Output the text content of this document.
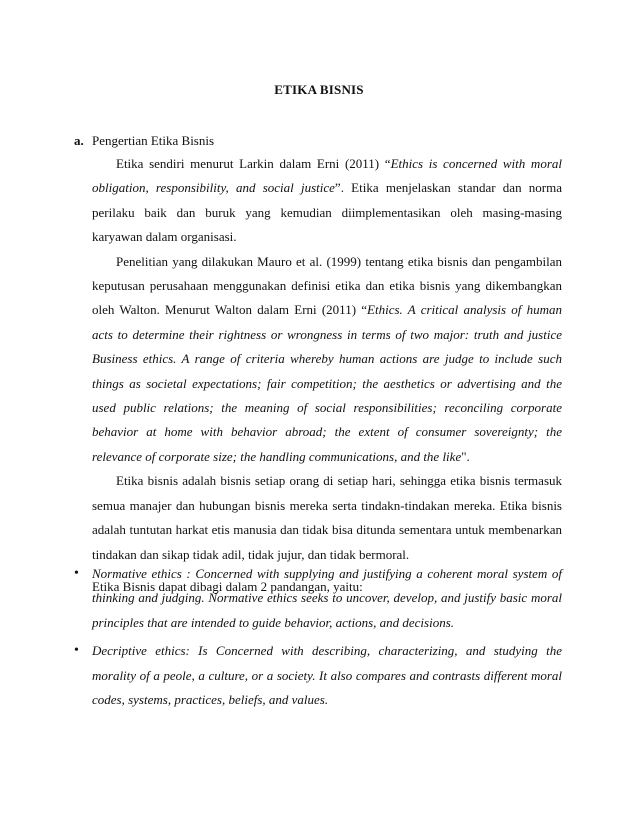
ETIKA BISNIS
a. Pengertian Etika Bisnis

Etika sendiri menurut Larkin dalam Erni (2011) “Ethics is concerned with moral obligation, responsibility, and social justice”. Etika menjelaskan standar dan norma perilaku baik dan buruk yang kemudian diimplementasikan oleh masing-masing karyawan dalam organisasi.

Penelitian yang dilakukan Mauro et al. (1999) tentang etika bisnis dan pengambilan keputusan perusahaan menggunakan definisi etika dan etika bisnis yang dikembangkan oleh Walton. Menurut Walton dalam Erni (2011) “Ethics. A critical analysis of human acts to determine their rightness or wrongness in terms of two major: truth and justice Business ethics. A range of criteria whereby human actions are judge to include such things as societal expectations; fair competition; the aesthetics or advertising and the used public relations; the meaning of social responsibilities; reconciling corporate behavior at home with behavior abroad; the extent of consumer sovereignty; the relevance of corporate size; the handling communications, and the like".

Etika bisnis adalah bisnis setiap orang di setiap hari, sehingga etika bisnis termasuk semua manajer dan hubungan bisnis mereka serta tindakn-tindakan mereka. Etika bisnis adalah tuntutan harkat etis manusia dan tidak bisa ditunda sementara untuk membenarkan tindakan dan sikap tidak adil, tidak jujur, dan tidak bermoral.

Etika Bisnis dapat dibagi dalam 2 pandangan, yaitu:

• Normative ethics : Concerned with supplying and justifying a coherent moral system of thinking and judging. Normative ethics seeks to uncover, develop, and justify basic moral principles that are intended to guide behavior, actions, and decisions.
• Decriptive ethics: Is Concerned with describing, characterizing, and studying the morality of a peole, a culture, or a society. It also compares and contrasts different moral codes, systems, practices, beliefs, and values.
